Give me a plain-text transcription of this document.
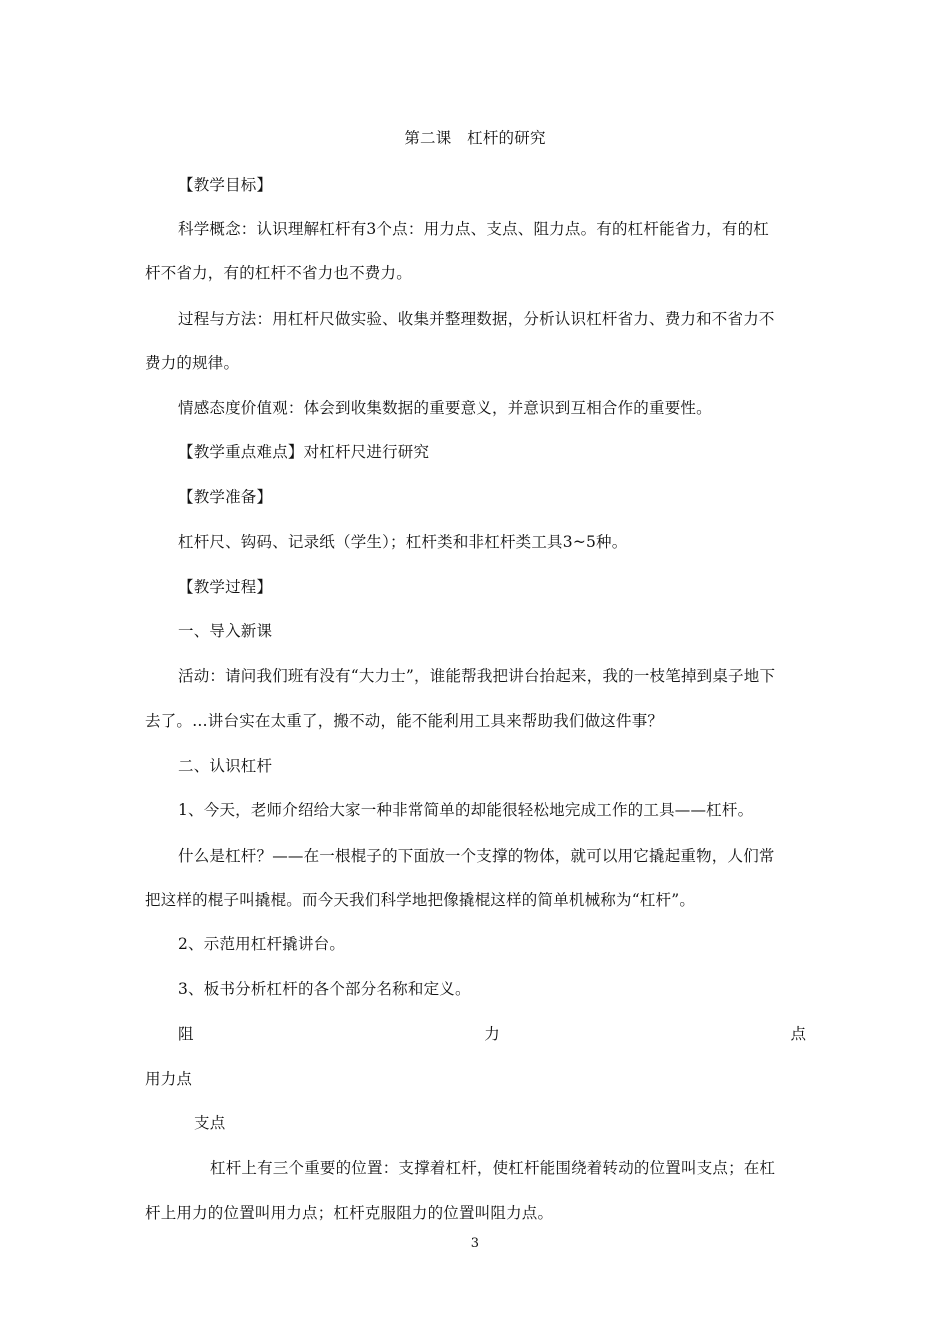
第二课　杠杆的研究
【教学目标】
科学概念：认识理解杠杆有3个点：用力点、支点、阻力点。有的杠杆能省力，有的杠
杆不省力，有的杠杆不省力也不费力。
过程与方法：用杠杆尺做实验、收集并整理数据，分析认识杠杆省力、费力和不省力不
费力的规律。
情感态度价值观：体会到收集数据的重要意义，并意识到互相合作的重要性。
【教学重点难点】对杠杆尺进行研究
【教学准备】
杠杆尺、钩码、记录纸（学生）；杠杆类和非杠杆类工具3~5种。
【教学过程】
一、导入新课
活动：请问我们班有没有“大力士”，谁能帮我把讲台抬起来，我的一枝笔掉到桌子地下
去了。…讲台实在太重了，搬不动，能不能利用工具来帮助我们做这件事？
二、认识杠杆
1、今天，老师介绍给大家一种非常简单的却能很轻松地完成工作的工具——杠杆。
什么是杠杆？——在一根棍子的下面放一个支撑的物体，就可以用它撬起重物，人们常
把这样的棍子叫撬棍。而今天我们科学地把像撬棍这样的简单机械称为“杠杆”。
2、示范用杠杆撬讲台。
3、板书分析杠杆的各个部分名称和定义。
阻	力	点
用力点
支点
杠杆上有三个重要的位置：支撑着杠杆，使杠杆能围绕着转动的位置叫支点；在杠
杆上用力的位置叫用力点；杠杆克服阻力的位置叫阻力点。
3
